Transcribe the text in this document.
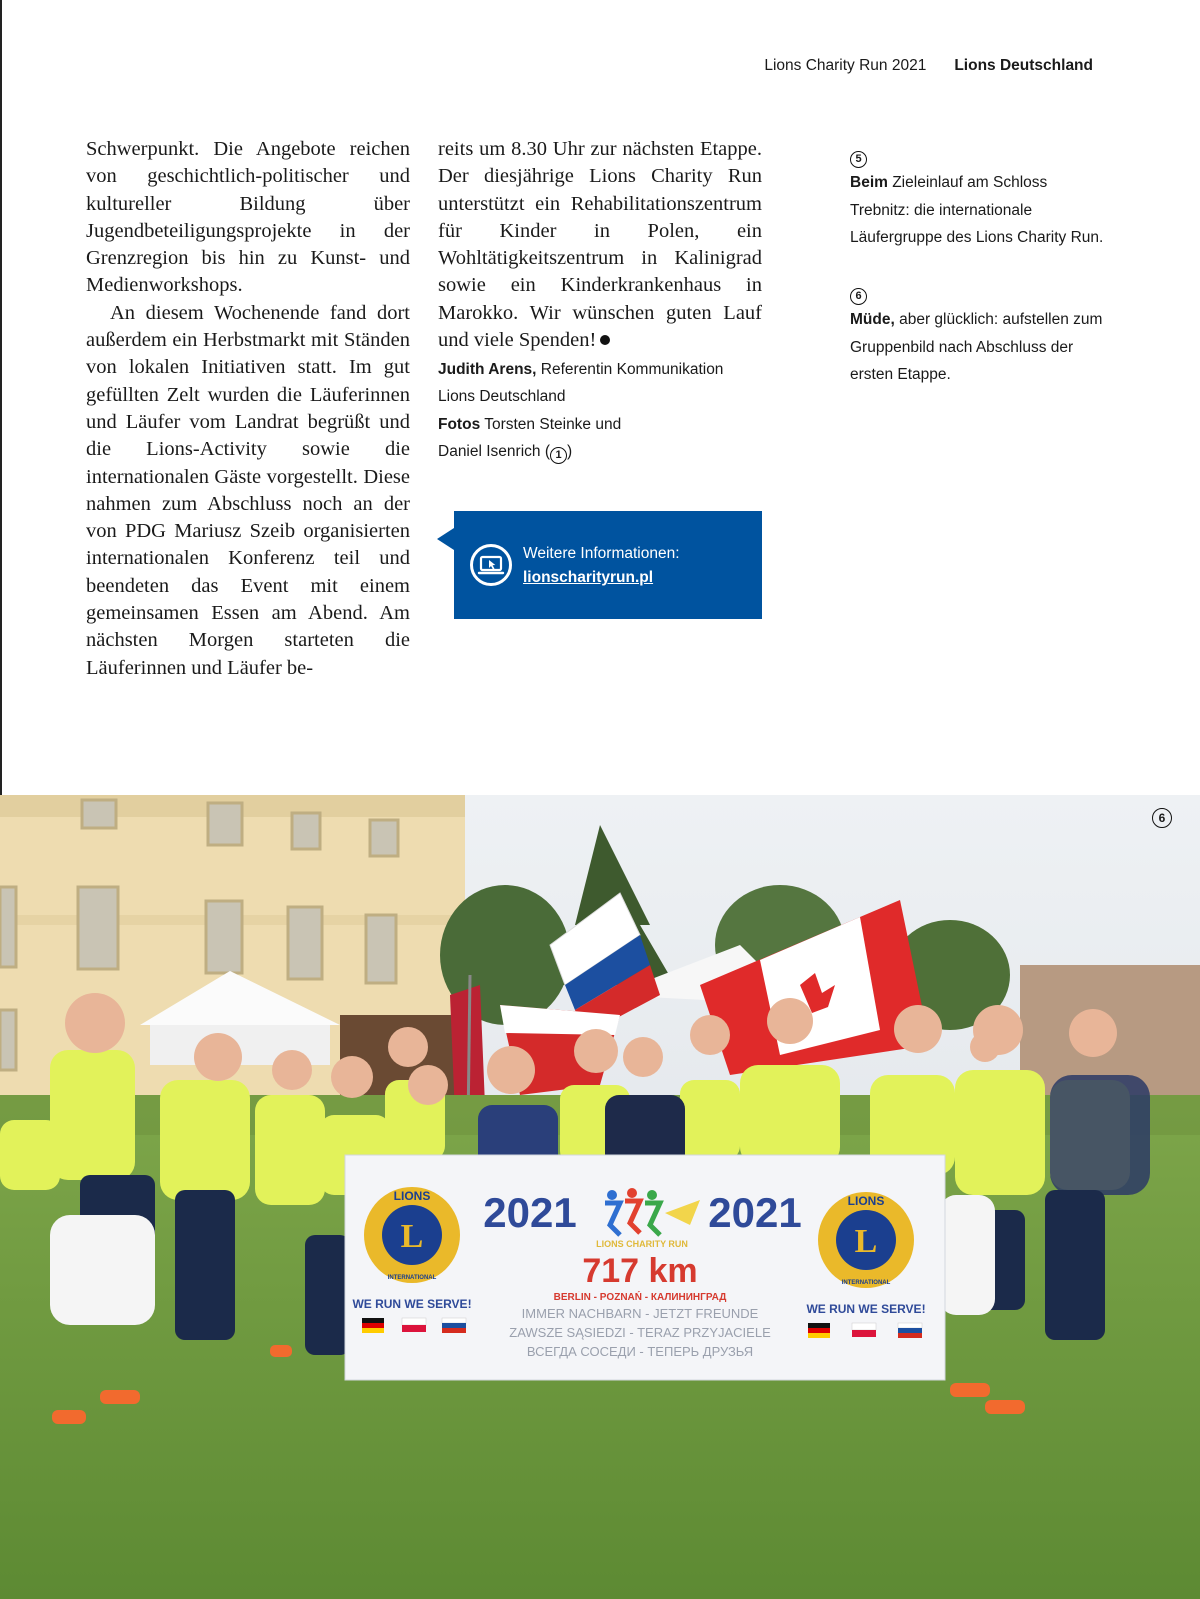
Lions Charity Run 2021 Lions Deutschland

Schwerpunkt. Die Angebote reichen von geschichtlich-politischer und kultureller Bildung über Jugendbeteiligungsprojekte in der Grenzregion bis hin zu Kunst- und Medienworkshops.

An diesem Wochenende fand dort außerdem ein Herbstmarkt mit Ständen von lokalen Initiativen statt. Im gut gefüllten Zelt wurden die Läuferinnen und Läufer vom Landrat begrüßt und die Lions-Activity sowie die internationalen Gäste vorgestellt. Diese nahmen zum Abschluss noch an der von PDG Mariusz Szeib organisierten internationalen Konferenz teil und beendeten das Event mit einem gemeinsamen Essen am Abend. Am nächsten Morgen starteten die Läuferinnen und Läufer be-

reits um 8.30 Uhr zur nächsten Etappe. Der diesjährige Lions Charity Run unterstützt ein Rehabilitationszentrum für Kinder in Polen, ein Wohltätigkeitszentrum in Kalinigrad sowie ein Kinderkrankenhaus in Marokko. Wir wünschen guten Lauf und viele Spenden!

Judith Arens, Referentin Kommunikation
Lions Deutschland
Fotos Torsten Steinke und
Daniel Isenrich ( 1 )
Weitere Informationen:
lionscharityrun.pl
5
Beim Zieleinlauf am Schloss Trebnitz: die internationale Läufergruppe des Lions Charity Run.
6
Müde, aber glücklich: aufstellen zum Gruppenbild nach Abschluss der ersten Etappe.
L
LIONS
INTERNATIONAL
L
LIONS
INTERNATIONAL
2021	2021
LIONS CHARITY RUN
717 km
BERLIN - POZNAŃ - КАЛИНИНГРАД
IMMER NACHBARN - JETZT FREUNDE
ZAWSZE SĄSIEDZI - TERAZ PRZYJACIELE
ВСЕГДА СОСЕДИ - ТЕПЕРЬ ДРУЗЬЯ
WE RUN WE SERVE!	WE RUN WE SERVE!
6
